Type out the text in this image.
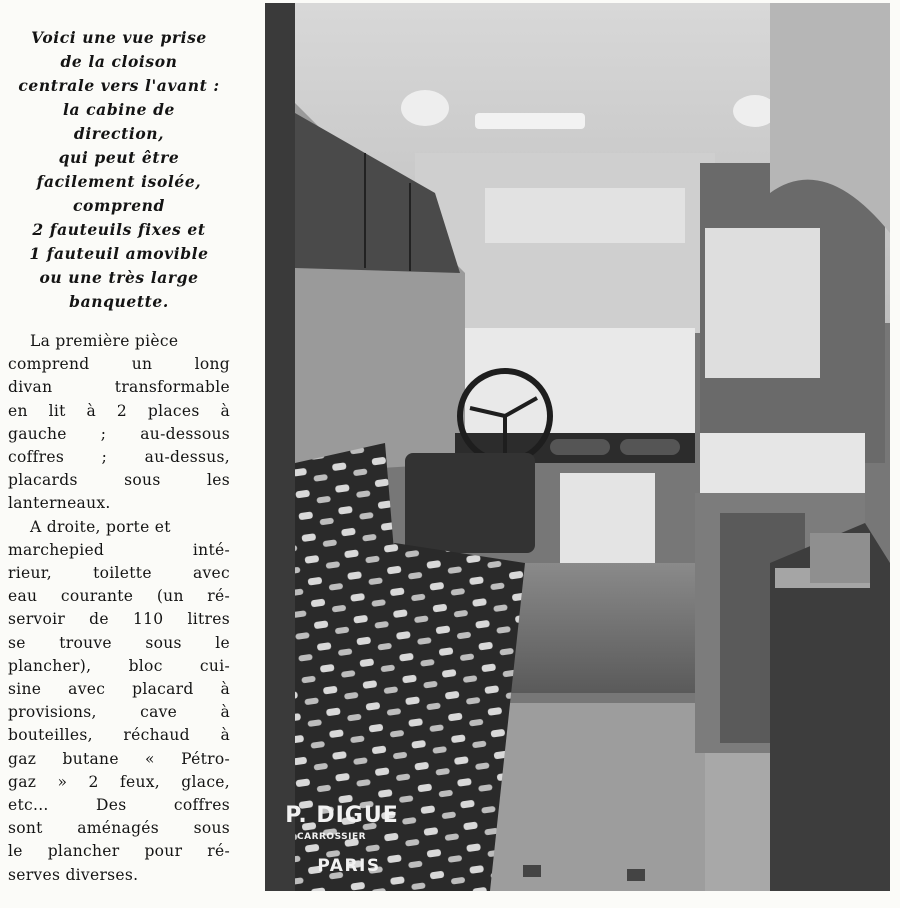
Voici une vue prise
de la cloison
centrale vers l'avant :
la cabine de
direction,
qui peut être
facilement isolée,
comprend
2 fauteuils fixes et
1 fauteuil amovible
ou une très large
banquette.
La première pièce
comprend un long
divan transformable
en lit à 2 places à
gauche ; au-dessous
coffres ; au-dessus,
placards sous les
lanterneaux.
A droite, porte et
marchepied inté-
rieur, toilette avec
eau courante (un ré-
servoir de 110 litres
se trouve sous le
plancher), bloc cui-
sine avec placard à
provisions, cave à
bouteilles, réchaud à
gaz butane « Pétro-
gaz » 2 feux, glace,
etc... Des coffres
sont aménagés sous
le plancher pour ré-
serves diverses.
P. DIGUE
CARROSSIER
PARIS
